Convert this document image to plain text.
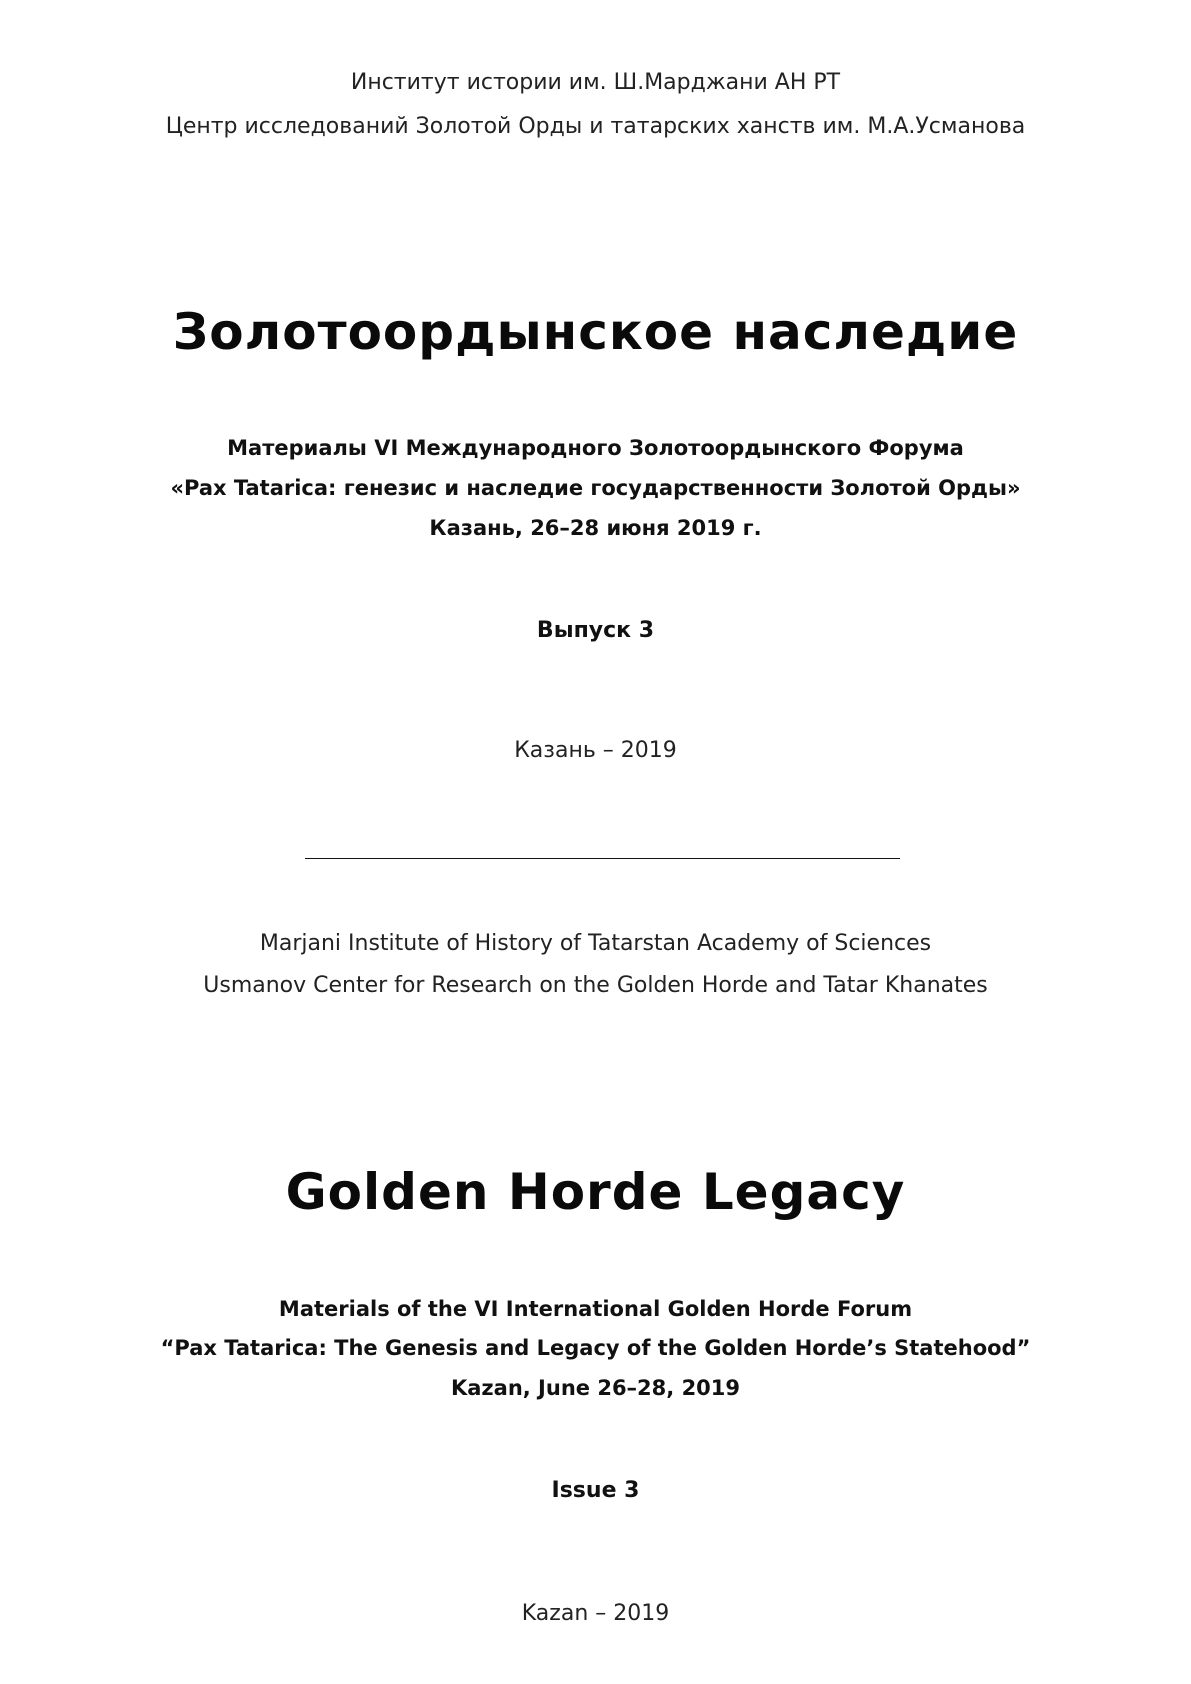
Институт истории им. Ш.Марджани АН РТ

Центр исследований Золотой Орды и татарских ханств им. М.А.Усманова

Золотоордынское наследие

Материалы VI Международного Золотоордынского Форума

«Pax Tatarica: генезис и наследие государственности Золотой Орды»

Казань, 26–28 июня 2019 г.

Выпуск 3

Казань – 2019

Marjani Institute of History of Tatarstan Academy of Sciences

Usmanov Center for Research on the Golden Horde and Tatar Khanates

Golden Horde Legacy

Materials of the VI International Golden Horde Forum

“Pax Tatarica: The Genesis and Legacy of the Golden Horde’s Statehood”

Kazan, June 26–28, 2019

Issue 3

Kazan – 2019
